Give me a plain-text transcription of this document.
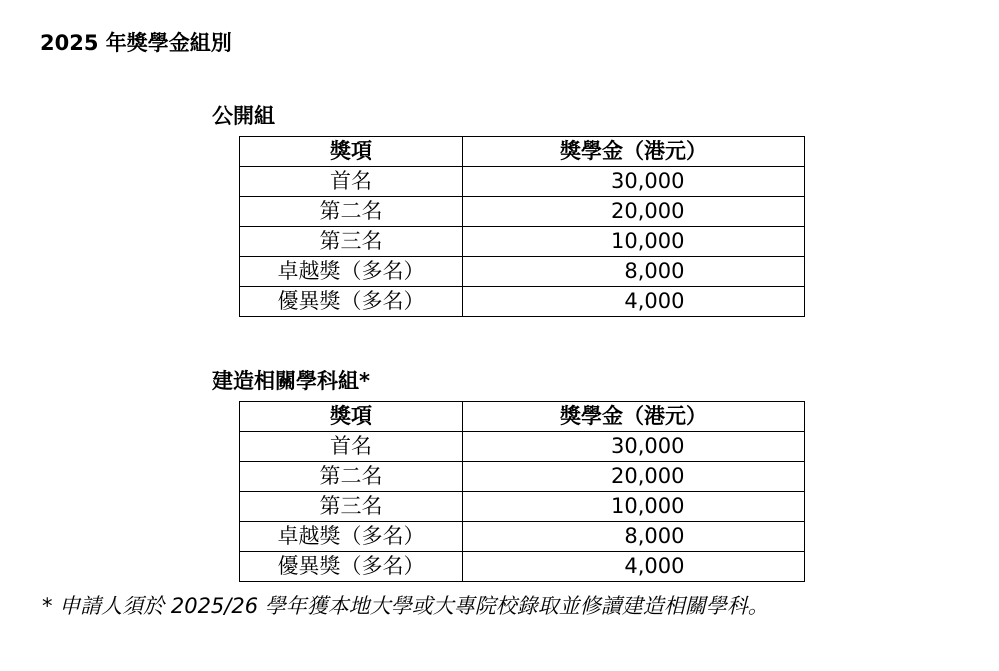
2025 年獎學金組別
公開組
獎項	獎學金（港元）
首名	30,000
第二名	20,000
第三名	10,000
卓越獎（多名）	8,000
優異獎（多名）	4,000
建造相關學科組*
獎項	獎學金（港元）
首名	30,000
第二名	20,000
第三名	10,000
卓越獎（多名）	8,000
優異獎（多名）	4,000

* 申請人須於 2025/26 學年獲本地大學或大專院校錄取並修讀建造相關學科。
